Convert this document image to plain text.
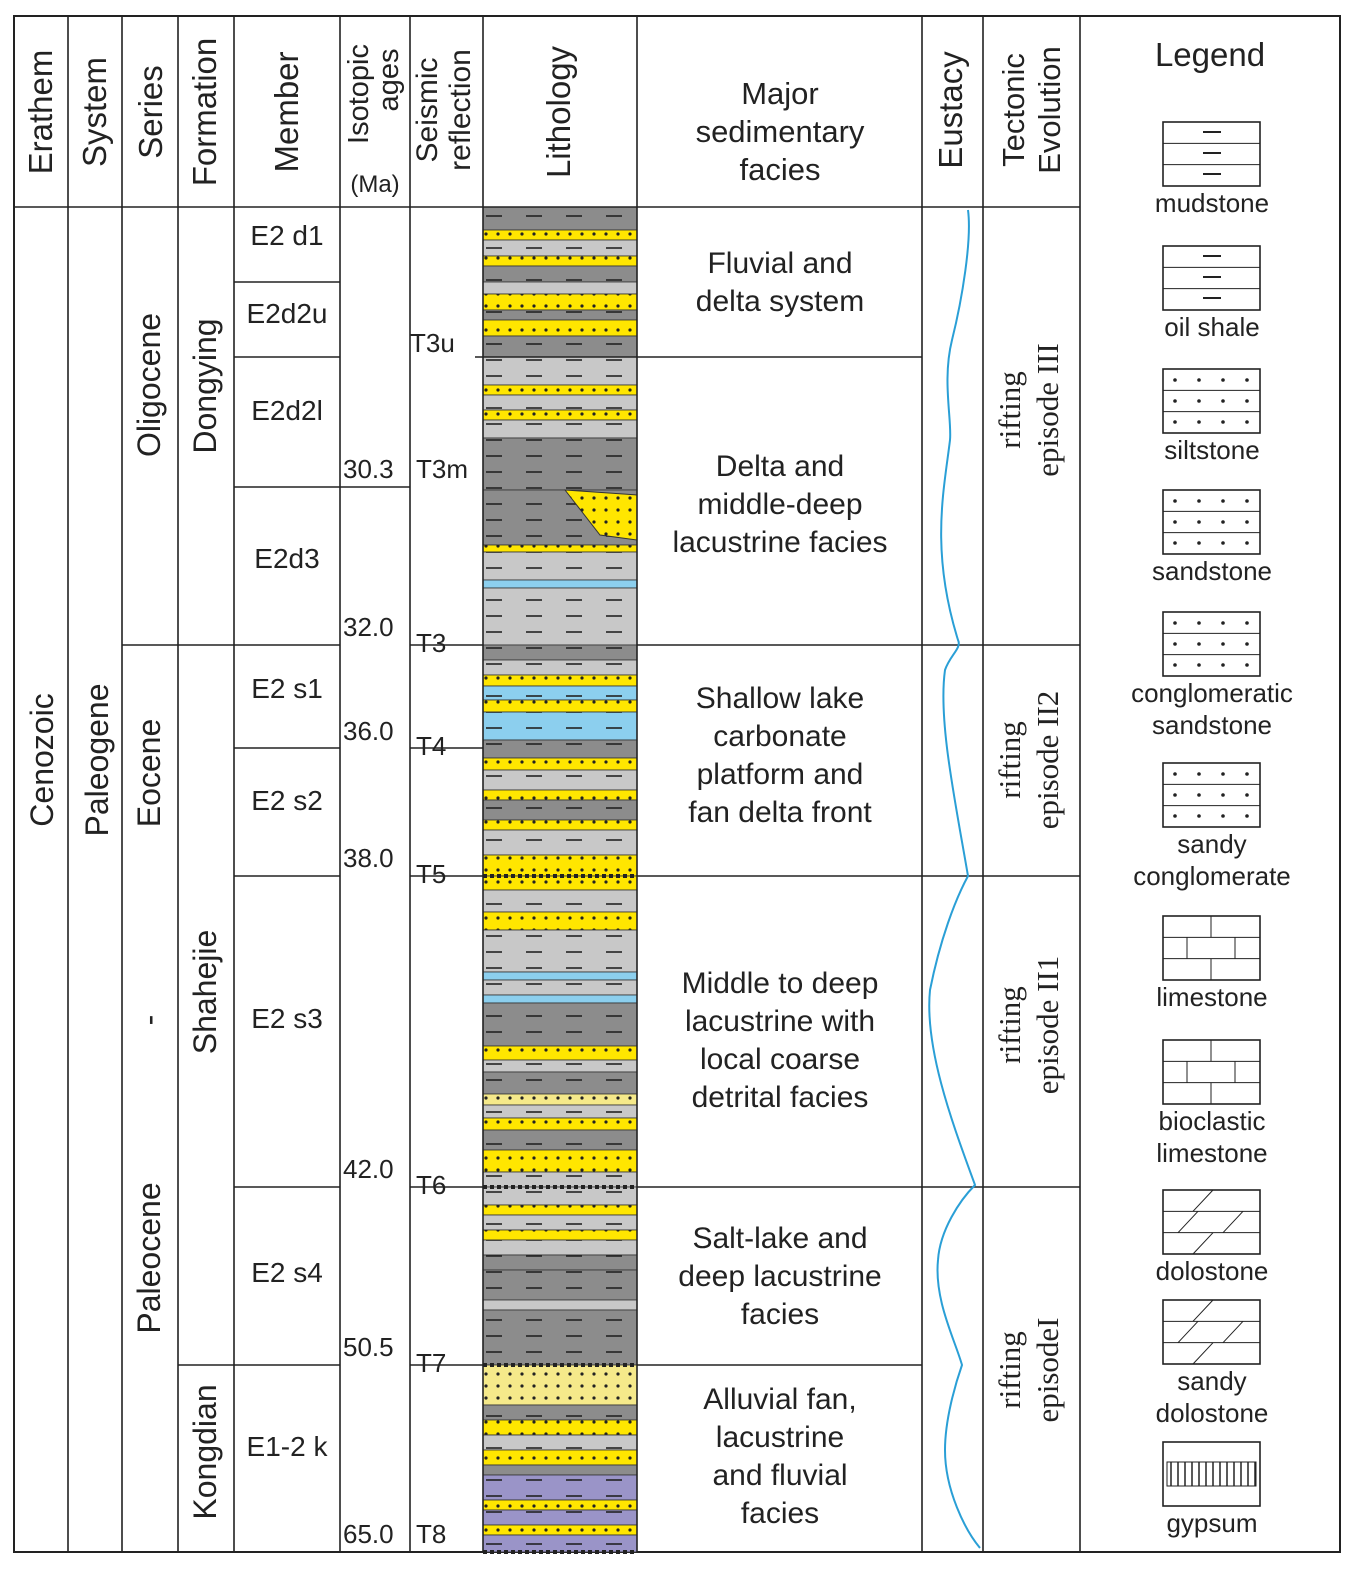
Erathem System Series Formation Member Isotopic
ages
(Ma)
Seismic reflection Lithology	Major
sedimentary
facies
Eustacy Tectonic Evolution	Legend
Cenozoic Paleogene
Oligocene
Eocene
-
Paleocene
Dongying
Shahejie
Kongdian
E2 d1
E2d2u
E2d2l
E2d3
E2 s1
E2 s2
E2 s3
E2 s4
E1-2 k
30.3
32.0
36.0
38.0
42.0
50.5
65.0
T3u
T3m
T3
T4
T5
T6
T7
T8
Fluvial and
delta system
Delta and
middle-deep
lacustrine facies
Shallow lake
carbonate
platform and
fan delta front
Middle to deep
lacustrine with
local coarse
detrital facies
Salt-lake and
deep lacustrine
facies
Alluvial fan,
lacustrine
and fluvial
facies
rifting episode III
rifting episode II2
rifting episode II1
rifting episodeI
mudstone
oil shale
siltstone
sandstone
conglomeratic
sandstone
sandy
conglomerate
limestone
bioclastic
limestone
dolostone
sandy
dolostone
gypsum
